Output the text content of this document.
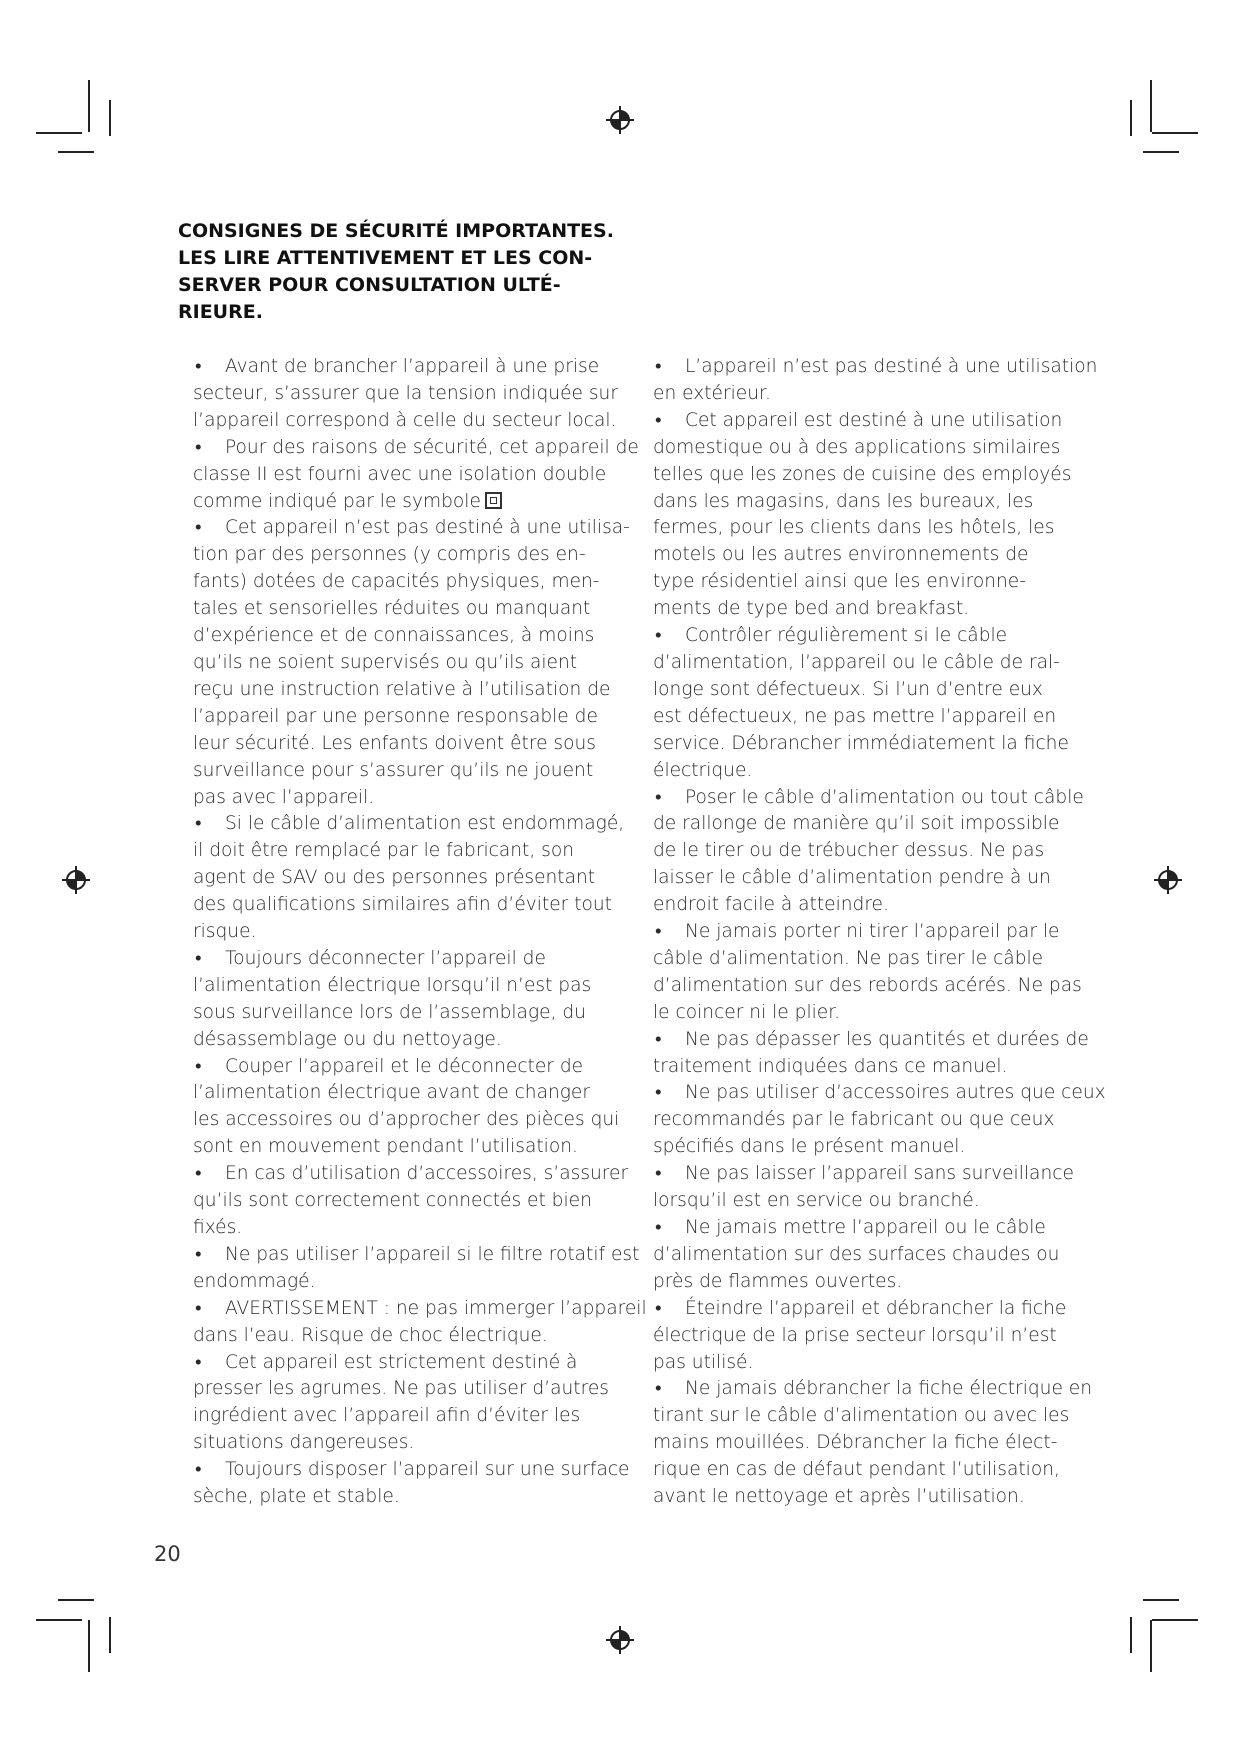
CONSIGNES DE SÉCURITÉ IMPORTANTES.
LES LIRE ATTENTIVEMENT ET LES CON-
SERVER POUR CONSULTATION ULTÉ-
RIEURE.
• Avant de brancher l’appareil à une prise
secteur, s’assurer que la tension indiquée sur
l’appareil correspond à celle du secteur local.
• Pour des raisons de sécurité, cet appareil de
classe II est fourni avec une isolation double
comme indiqué par le symbole
• Cet appareil n’est pas destiné à une utilisa-
tion par des personnes (y compris des en-
fants) dotées de capacités physiques, men-
tales et sensorielles réduites ou manquant
d’expérience et de connaissances, à moins
qu’ils ne soient supervisés ou qu’ils aient
reçu une instruction relative à l’utilisation de
l’appareil par une personne responsable de
leur sécurité. Les enfants doivent être sous
surveillance pour s’assurer qu’ils ne jouent
pas avec l’appareil.
• Si le câble d’alimentation est endommagé,
il doit être remplacé par le fabricant, son
agent de SAV ou des personnes présentant
des qualifications similaires afin d’éviter tout
risque.
• Toujours déconnecter l’appareil de
l’alimentation électrique lorsqu’il n’est pas
sous surveillance lors de l’assemblage, du
désassemblage ou du nettoyage.
• Couper l’appareil et le déconnecter de
l’alimentation électrique avant de changer
les accessoires ou d’approcher des pièces qui
sont en mouvement pendant l’utilisation.
• En cas d’utilisation d’accessoires, s’assurer
qu’ils sont correctement connectés et bien
fixés.
• Ne pas utiliser l’appareil si le filtre rotatif est
endommagé.
• AVERTISSEMENT : ne pas immerger l’appareil
dans l’eau. Risque de choc électrique.
• Cet appareil est strictement destiné à
presser les agrumes. Ne pas utiliser d’autres
ingrédient avec l’appareil afin d’éviter les
situations dangereuses.
• Toujours disposer l’appareil sur une surface
sèche, plate et stable.
• L’appareil n’est pas destiné à une utilisation
en extérieur.
• Cet appareil est destiné à une utilisation
domestique ou à des applications similaires
telles que les zones de cuisine des employés
dans les magasins, dans les bureaux, les
fermes, pour les clients dans les hôtels, les
motels ou les autres environnements de
type résidentiel ainsi que les environne-
ments de type bed and breakfast.
• Contrôler régulièrement si le câble
d’alimentation, l’appareil ou le câble de ral-
longe sont défectueux. Si l’un d’entre eux
est défectueux, ne pas mettre l’appareil en
service. Débrancher immédiatement la fiche
électrique.
• Poser le câble d’alimentation ou tout câble
de rallonge de manière qu’il soit impossible
de le tirer ou de trébucher dessus. Ne pas
laisser le câble d’alimentation pendre à un
endroit facile à atteindre.
• Ne jamais porter ni tirer l’appareil par le
câble d’alimentation. Ne pas tirer le câble
d’alimentation sur des rebords acérés. Ne pas
le coincer ni le plier.
• Ne pas dépasser les quantités et durées de
traitement indiquées dans ce manuel.
• Ne pas utiliser d’accessoires autres que ceux
recommandés par le fabricant ou que ceux
spécifiés dans le présent manuel.
• Ne pas laisser l’appareil sans surveillance
lorsqu’il est en service ou branché.
• Ne jamais mettre l’appareil ou le câble
d’alimentation sur des surfaces chaudes ou
près de flammes ouvertes.
• Éteindre l’appareil et débrancher la fiche
électrique de la prise secteur lorsqu’il n’est
pas utilisé.
• Ne jamais débrancher la fiche électrique en
tirant sur le câble d’alimentation ou avec les
mains mouillées. Débrancher la fiche élect-
rique en cas de défaut pendant l’utilisation,
avant le nettoyage et après l’utilisation.
20
